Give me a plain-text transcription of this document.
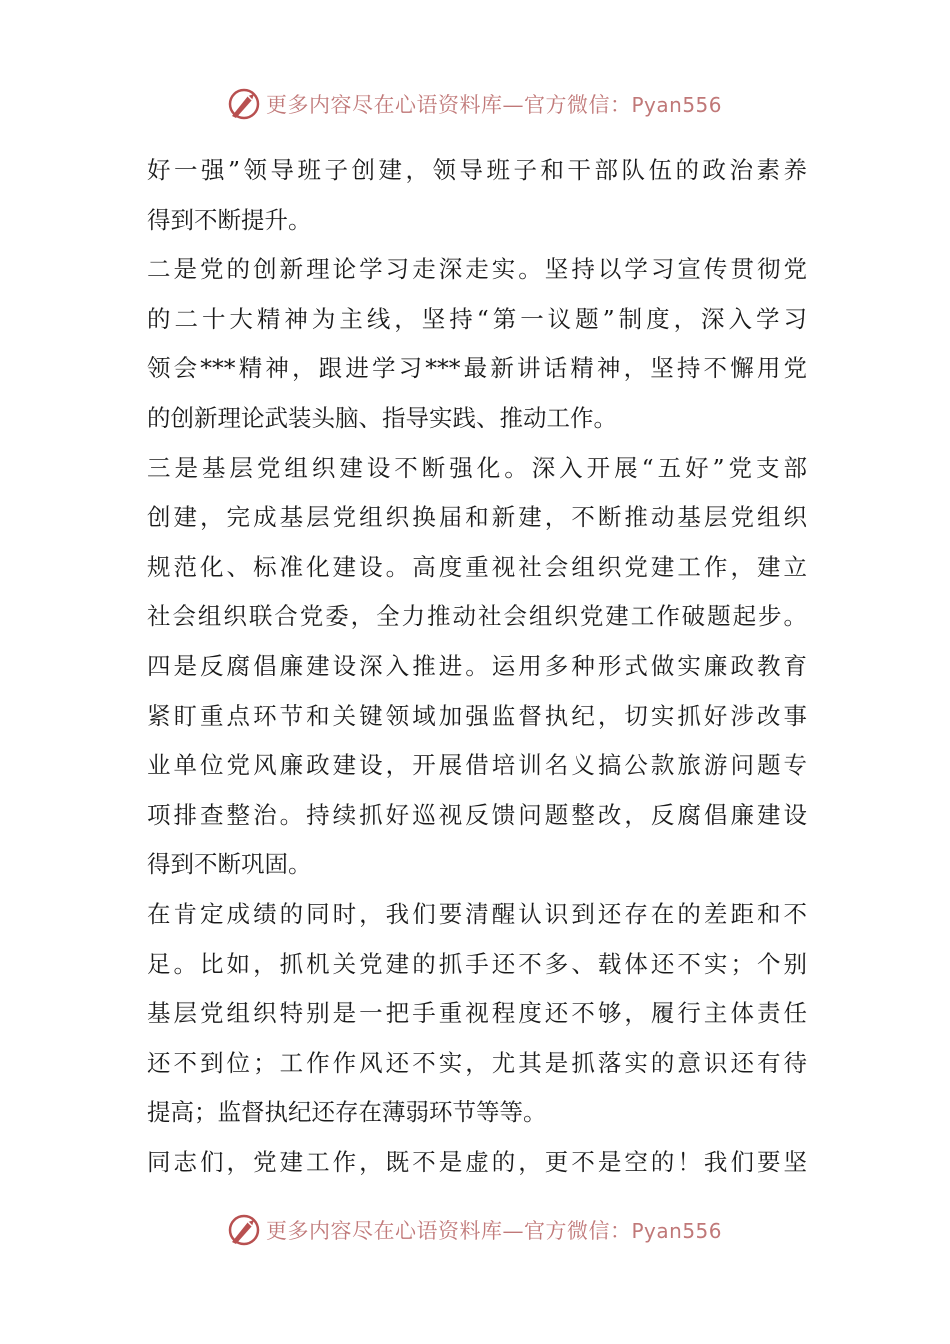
更多内容尽在心语资料库—官方微信：Pyan556
好一强”领导班子创建，领导班子和干部队伍的政治素养
得到不断提升。
二是党的创新理论学习走深走实。坚持以学习宣传贯彻党
的二十大精神为主线，坚持“第一议题”制度，深入学习
领会***精神，跟进学习***最新讲话精神，坚持不懈用党
的创新理论武装头脑、指导实践、推动工作。
三是基层党组织建设不断强化。深入开展“五好”党支部
创建，完成基层党组织换届和新建，不断推动基层党组织
规范化、标准化建设。高度重视社会组织党建工作，建立
社会组织联合党委，全力推动社会组织党建工作破题起步。
四是反腐倡廉建设深入推进。运用多种形式做实廉政教育
紧盯重点环节和关键领域加强监督执纪，切实抓好涉改事
业单位党风廉政建设，开展借培训名义搞公款旅游问题专
项排查整治。持续抓好巡视反馈问题整改，反腐倡廉建设
得到不断巩固。
在肯定成绩的同时，我们要清醒认识到还存在的差距和不
足。比如，抓机关党建的抓手还不多、载体还不实；个别
基层党组织特别是一把手重视程度还不够，履行主体责任
还不到位；工作作风还不实，尤其是抓落实的意识还有待
提高；监督执纪还存在薄弱环节等等。
同志们，党建工作，既不是虚的，更不是空的！我们要坚
更多内容尽在心语资料库—官方微信：Pyan556
